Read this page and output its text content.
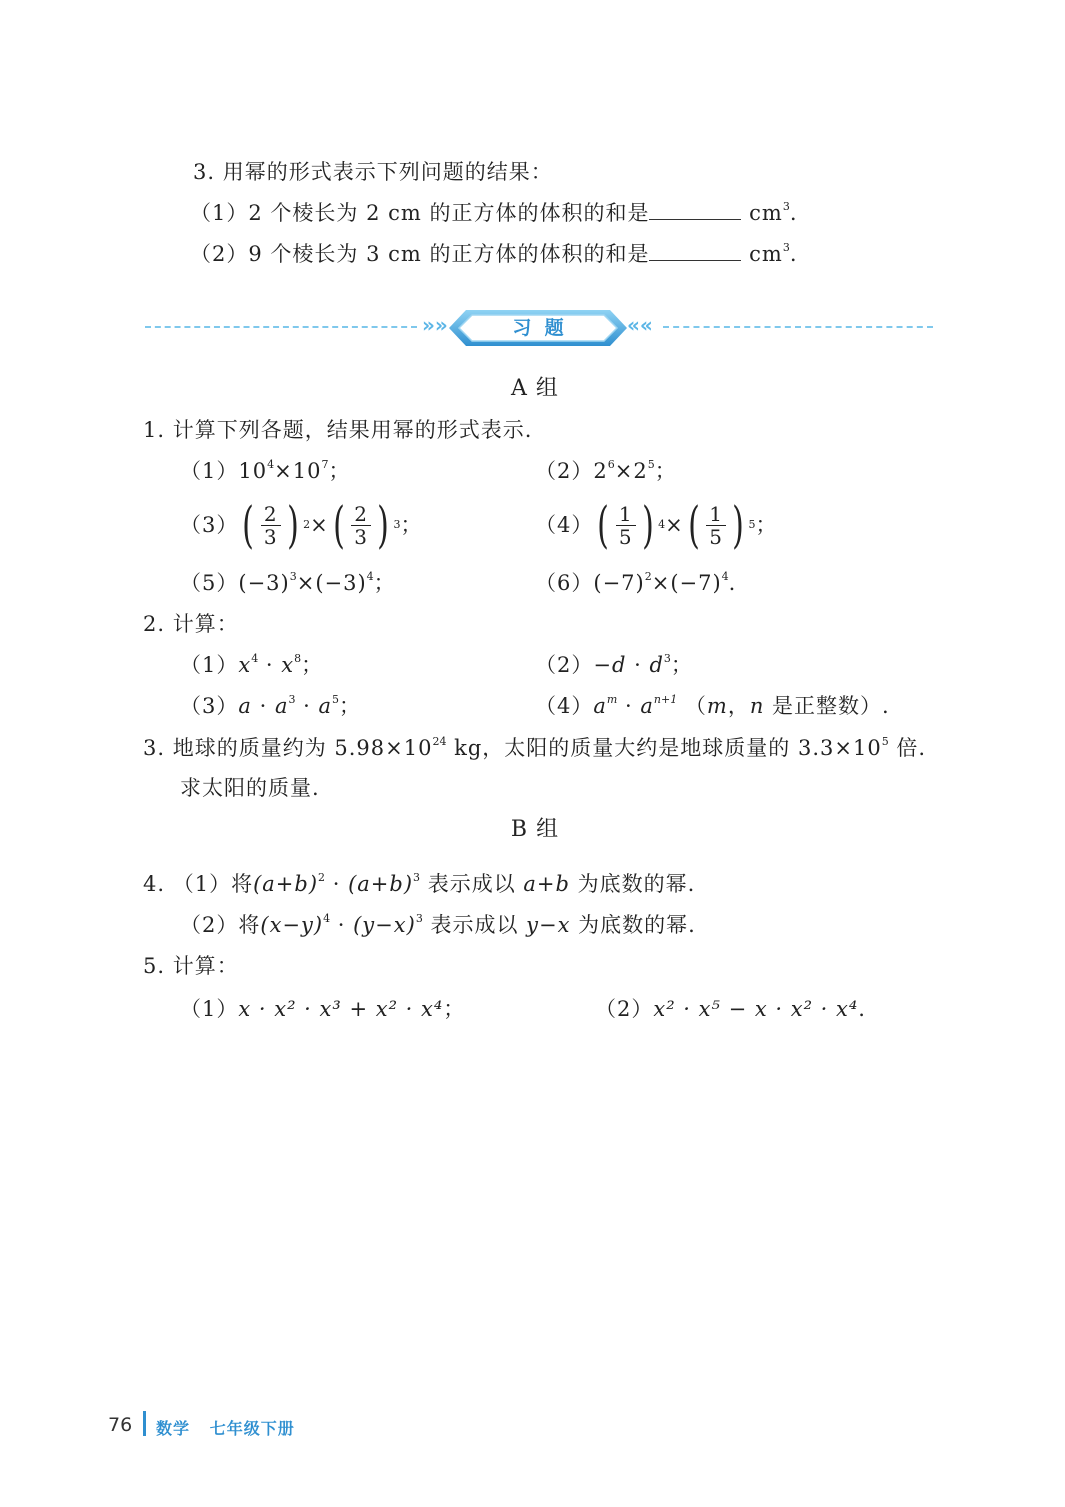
3. 用幂的形式表示下列问题的结果：
（1）2 个棱长为 2 cm 的正方体的体积的和是	$cm^3$.
（2）9 个棱长为 3 cm 的正方体的体积的和是	$cm^3$.
»»	««
习  题
A 组
1. 计算下列各题，结果用幂的形式表示.
$(1)10^4\times 10^7$；	$(2)2^6\times 2^5$；
（3） ( $\frac{2}{3}$ ) 2 × ( $\frac{2}{3}$ ) 3 ；	（4） ( $\frac{1}{5}$ ) 4 × ( $\frac{1}{5}$ ) 5 ；
$(5)(-3)^3\times(-3)^4$；	$(6)(-7)^2\times(-7)^4$.
2. 计算：
$(1)x^4 \cdot x^8$；	$(2)-d \cdot d^3$；
$(3)a \cdot a^3 \cdot a^5$；	$(4)a^m \cdot a^{n+1}$ （m，n 是正整数）.
3. 地球的质量约为 $5.98\times 10^{24}$ kg，太阳的质量大约是地球质量的 $3.3\times 10^5$ 倍.
求太阳的质量.
B 组
4. （1）将$(a+b)^2 \cdot (a+b)^3$ 表示成以 a+b 为底数的幂.
（2）将$(x-y)^4 \cdot (y-x)^3$ 表示成以 y−x 为底数的幂.
5. 计算：
（1）x · x² · x³ + x² · x⁴；	（2）x² · x⁵ − x · x² · x⁴.
76 数学   七年级下册
